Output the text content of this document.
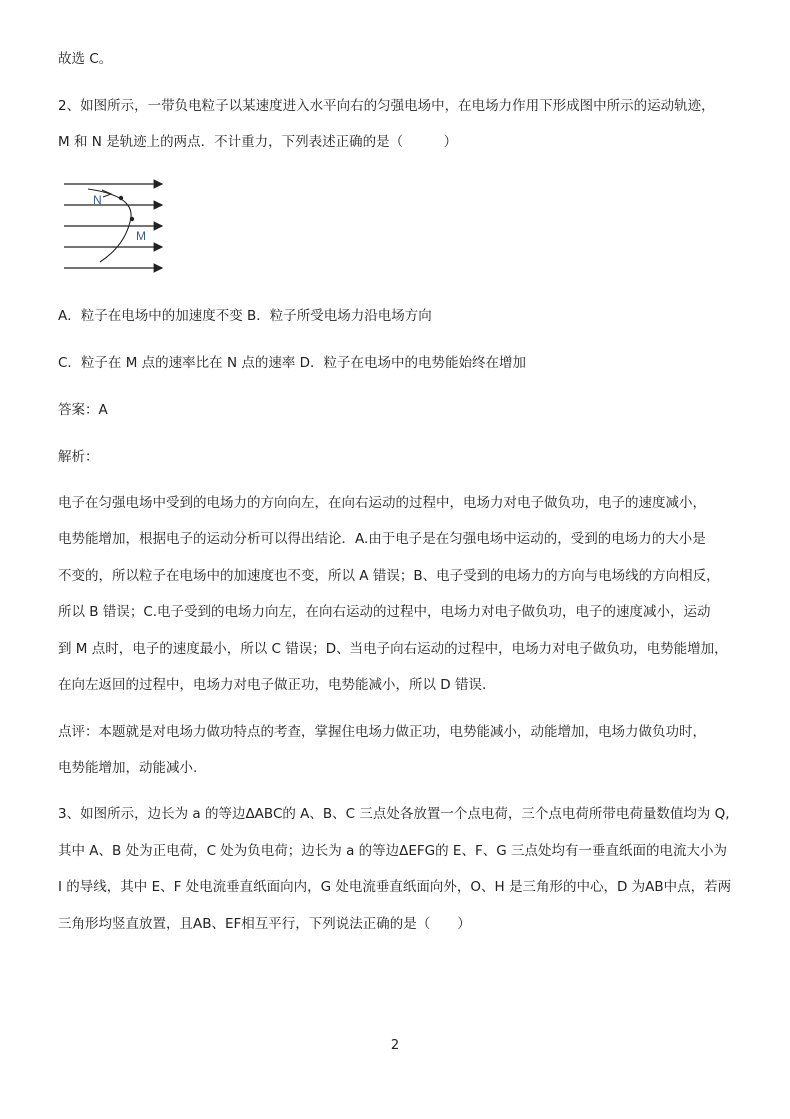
故选 C。
2、如图所示，一带负电粒子以某速度进入水平向右的匀强电场中，在电场力作用下形成图中所示的运动轨迹，
M 和 N 是轨迹上的两点．不计重力，下列表述正确的是（　　　）
N
M
A．粒子在电场中的加速度不变 B．粒子所受电场力沿电场方向
C．粒子在 M 点的速率比在 N 点的速率 D．粒子在电场中的电势能始终在增加
答案：A
解析：
电子在匀强电场中受到的电场力的方向向左，在向右运动的过程中，电场力对电子做负功，电子的速度减小，
电势能增加，根据电子的运动分析可以得出结论．A.由于电子是在匀强电场中运动的，受到的电场力的大小是
不变的，所以粒子在电场中的加速度也不变，所以 A 错误；B、电子受到的电场力的方向与电场线的方向相反，
所以 B 错误；C.电子受到的电场力向左，在向右运动的过程中，电场力对电子做负功，电子的速度减小，运动
到 M 点时，电子的速度最小，所以 C 错误；D、当电子向右运动的过程中，电场力对电子做负功，电势能增加，
在向左返回的过程中，电场力对电子做正功，电势能减小，所以 D 错误.
点评：本题就是对电场力做功特点的考查，掌握住电场力做正功，电势能减小，动能增加，电场力做负功时，
电势能增加，动能减小.
3、如图所示，边长为 a 的等边ΔABC的 A、B、C 三点处各放置一个点电荷，三个点电荷所带电荷量数值均为 Q,
其中 A、B 处为正电荷，C 处为负电荷；边长为 a 的等边ΔEFG的 E、F、G 三点处均有一垂直纸面的电流大小为
I 的导线，其中 E、F 处电流垂直纸面向内，G 处电流垂直纸面向外，O、H 是三角形的中心，D 为AB中点，若两
三角形均竖直放置，且AB、EF相互平行，下列说法正确的是（　　）
2
